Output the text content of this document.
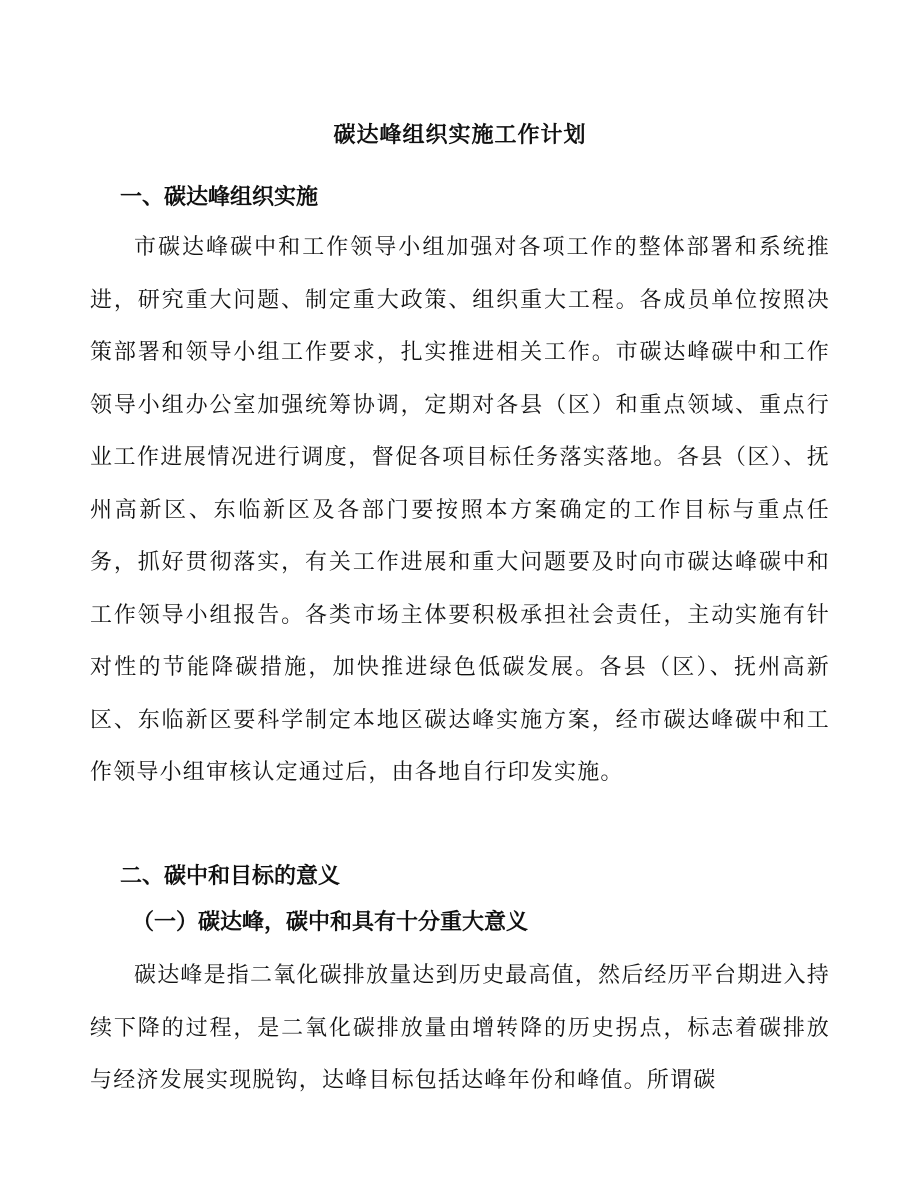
碳达峰组织实施工作计划
一、碳达峰组织实施

市碳达峰碳中和工作领导小组加强对各项工作的整体部署和系统推进，研究重大问题、制定重大政策、组织重大工程。各成员单位按照决策部署和领导小组工作要求，扎实推进相关工作。市碳达峰碳中和工作领导小组办公室加强统筹协调，定期对各县（区）和重点领域、重点行业工作进展情况进行调度，督促各项目标任务落实落地。各县（区）、抚州高新区、东临新区及各部门要按照本方案确定的工作目标与重点任务，抓好贯彻落实，有关工作进展和重大问题要及时向市碳达峰碳中和工作领导小组报告。各类市场主体要积极承担社会责任，主动实施有针对性的节能降碳措施，加快推进绿色低碳发展。各县（区）、抚州高新区、东临新区要科学制定本地区碳达峰实施方案，经市碳达峰碳中和工作领导小组审核认定通过后，由各地自行印发实施。

二、碳中和目标的意义
（一）碳达峰，碳中和具有十分重大意义

碳达峰是指二氧化碳排放量达到历史最高值，然后经历平台期进入持续下降的过程，是二氧化碳排放量由增转降的历史拐点，标志着碳排放与经济发展实现脱钩，达峰目标包括达峰年份和峰值。所谓碳
